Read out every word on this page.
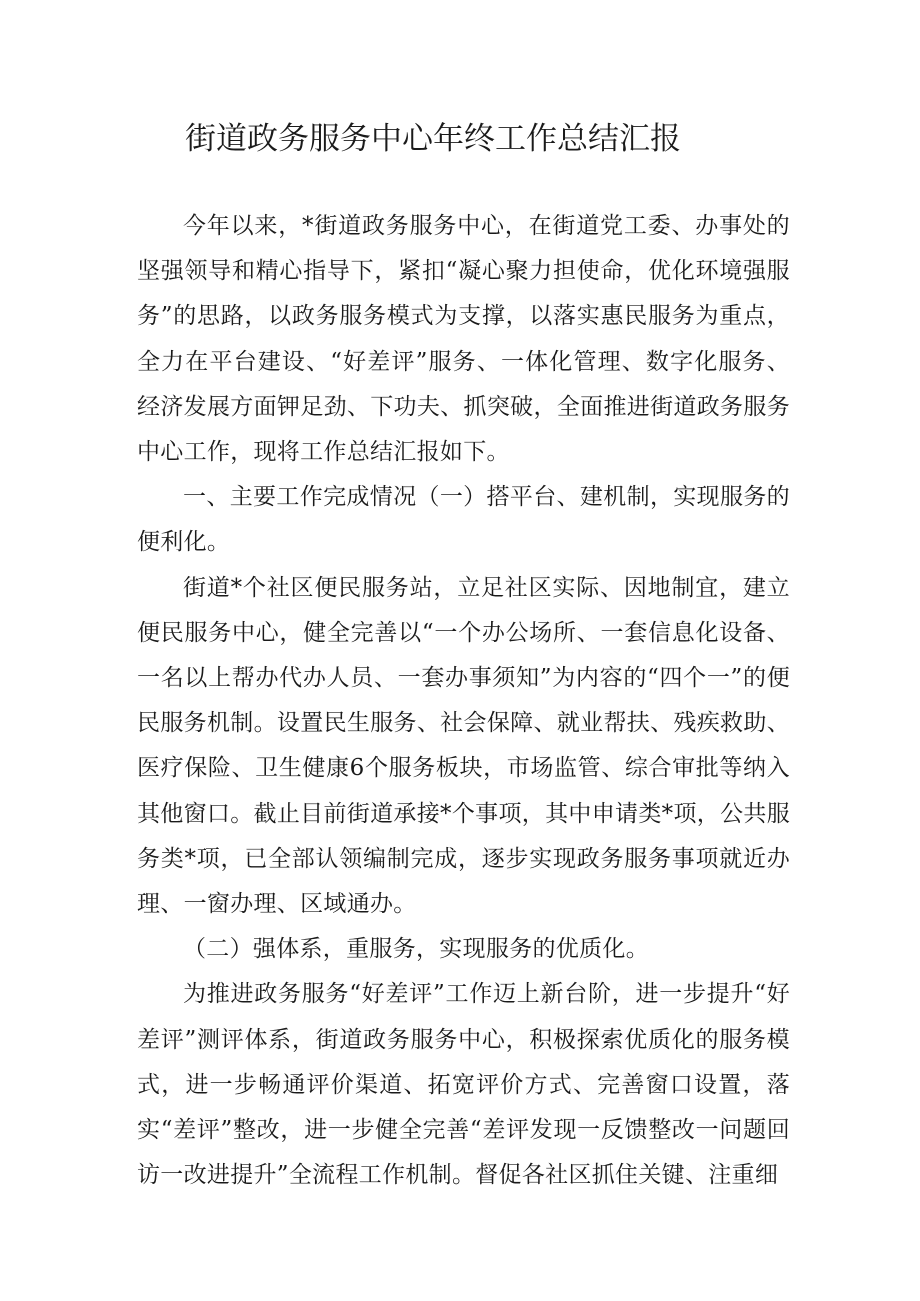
街道政务服务中心年终工作总结汇报

今年以来，*街道政务服务中心，在街道党工委、办事处的坚强领导和精心指导下，紧扣“凝心聚力担使命，优化环境强服务”的思路，以政务服务模式为支撑，以落实惠民服务为重点，全力在平台建设、“好差评”服务、一体化管理、数字化服务、经济发展方面钾足劲、下功夫、抓突破，全面推进街道政务服务中心工作，现将工作总结汇报如下。

一、主要工作完成情况（一）搭平台、建机制，实现服务的便利化。

街道*个社区便民服务站，立足社区实际、因地制宜，建立便民服务中心，健全完善以“一个办公场所、一套信息化设备、一名以上帮办代办人员、一套办事须知”为内容的“四个一”的便民服务机制。设置民生服务、社会保障、就业帮扶、残疾救助、医疗保险、卫生健康6个服务板块，市场监管、综合审批等纳入其他窗口。截止目前街道承接*个事项，其中申请类*项，公共服务类*项，已全部认领编制完成，逐步实现政务服务事项就近办理、一窗办理、区域通办。

（二）强体系，重服务，实现服务的优质化。

为推进政务服务“好差评”工作迈上新台阶，进一步提升“好差评”测评体系，街道政务服务中心，积极探索优质化的服务模式，进一步畅通评价渠道、拓宽评价方式、完善窗口设置，落实“差评”整改，进一步健全完善“差评发现一反馈整改一问题回访一改进提升”全流程工作机制。督促各社区抓住关键、注重细
